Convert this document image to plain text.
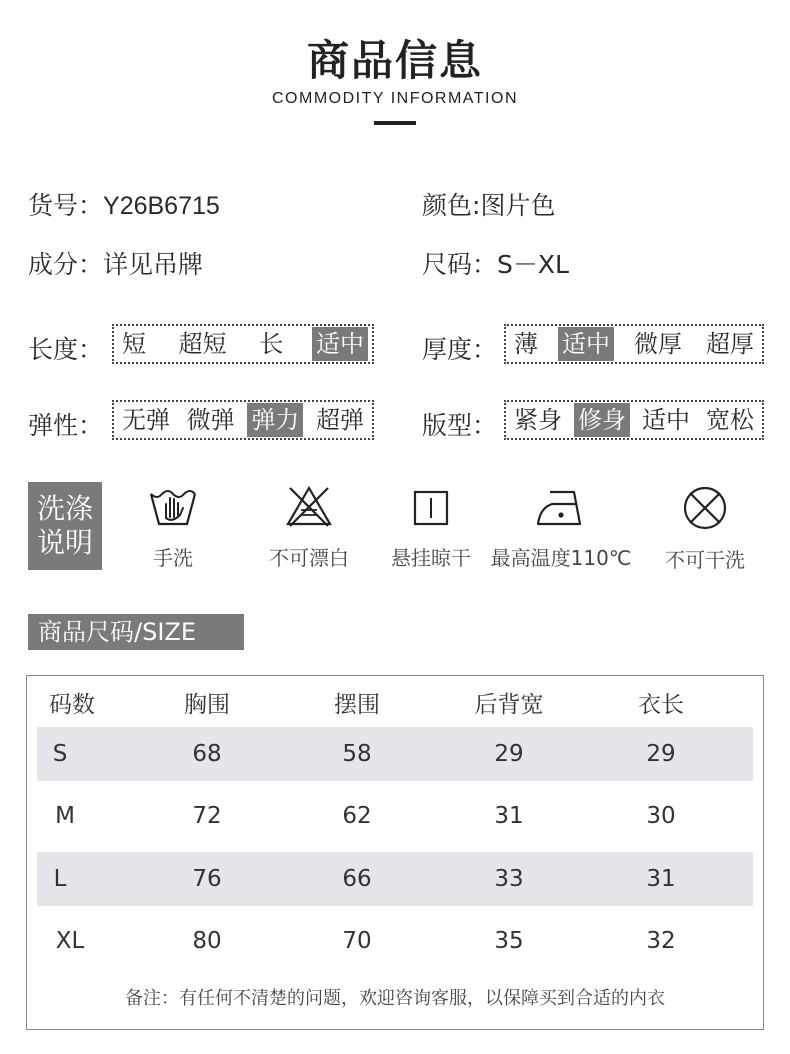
商品信息
COMMODITY INFORMATION
货号：Y26B6715	颜色:图片色
成分：详见吊牌	尺码：S－XL
长度： 短 超短 长 适中 厚度： 薄 适中 微厚 超厚
弹性： 无弹 微弹 弹力 超弹 版型： 紧身 修身 适中 宽松
洗涤
说明	手洗	不可漂白	悬挂晾干 最高温度110℃	不可干洗
商品尺码/SIZE
码数	胸围	摆围	后背宽	衣长
S	68	58	29	29
M	72	62	31	30
L	76	66	33	31
XL	80	70	35	32
备注：有任何不清楚的问题，欢迎咨询客服，以保障买到合适的内衣
